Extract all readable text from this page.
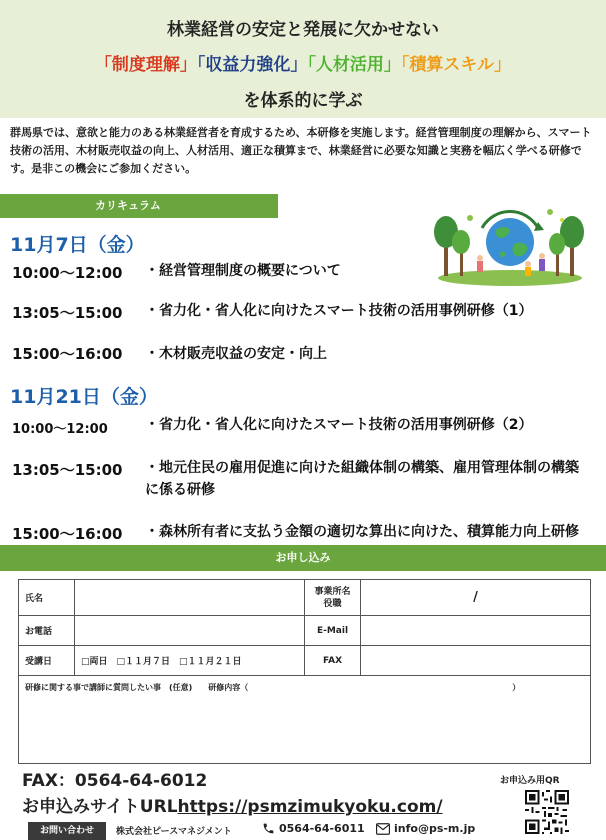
林業経営の安定と発展に欠かせない
「制度理解」「収益力強化」「人材活用」「積算スキル」
を体系的に学ぶ
群馬県では、意欲と能力のある林業経営者を育成するため、本研修を実施します。経営管理制度の理解から、スマート技術の活用、木材販売収益の向上、人材活用、適正な積算まで、林業経営に必要な知識と実務を幅広く学べる研修です。是非この機会にご参加ください。
カリキュラム
11月7日（金）
10:00～12:00 ・経営管理制度の概要について
13:05～15:00 ・省力化・省人化に向けたスマート技術の活用事例研修（1）
15:00～16:00 ・木材販売収益の安定・向上
11月21日（金）
10:00～12:00	・省力化・省人化に向けたスマート技術の活用事例研修（2）
13:05～15:00 ・地元住民の雇用促進に向けた組織体制の構築、雇用管理体制の構築に係る研修
15:00～16:00 ・森林所有者に支払う金額の適切な算出に向けた、積算能力向上研修
お申し込み
氏名		事業所名
役職	/
お電話		E-Mail	
受講日	□両日　□１１月７日　□１１月２１日	FAX	
研修に関する事で講師に質問したい事　(任意)　　研修内容（　　　　　　　　　　　　　　　　　　　　　　　　　　　　　　　　　）			
FAX：0564-64-6012
お申込みサイトURLhttps://psmzimukyoku.com/
お申込み用QR
お問い合わせ	株式会社ピースマネジメント	0564-64-6011	info@ps-m.jp
